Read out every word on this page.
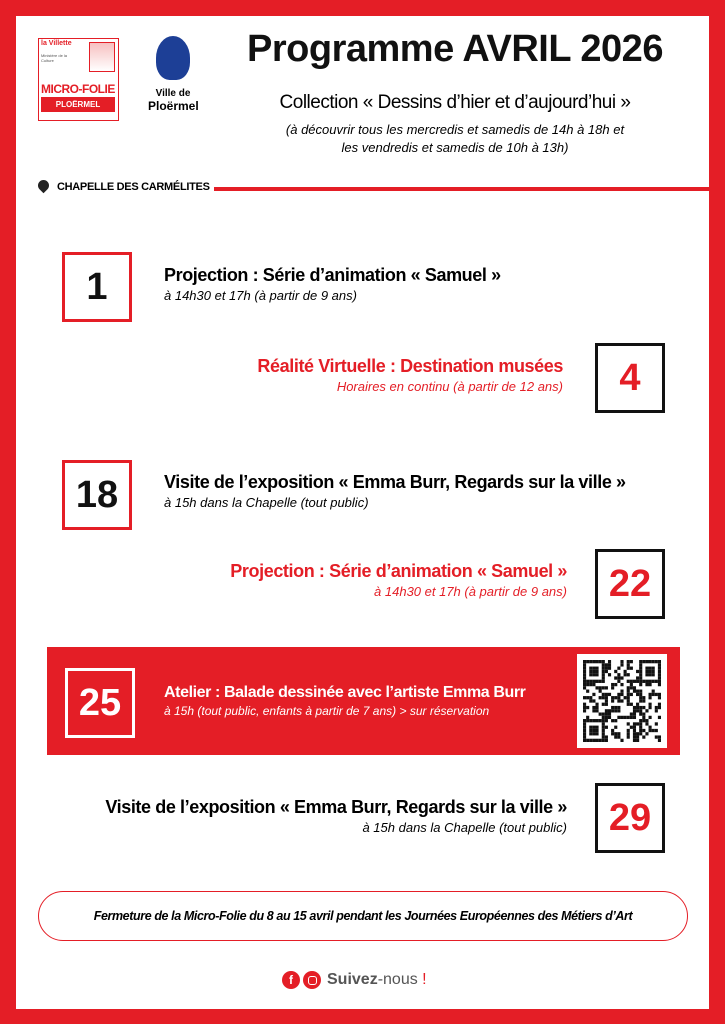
la Villette
Ministère de la Culture
MICRO-FOLIE
PLOËRMEL
Ville de
Ploërmel
Programme AVRIL 2026
Collection « Dessins d’hier et d’aujourd’hui »
(à découvrir tous les mercredis et samedis de 14h à 18h et
les vendredis et samedis de 10h à 13h)
CHAPELLE DES CARMÉLITES
1	Projection : Série d’animation « Samuel »
à 14h30 et 17h (à partir de 9 ans)
Réalité Virtuelle : Destination musées
Horaires en continu (à partir de 12 ans)	4
18	Visite de l’exposition « Emma Burr, Regards sur la ville »
à 15h dans la Chapelle (tout public)
Projection : Série d’animation « Samuel »
à 14h30 et 17h (à partir de 9 ans)	22
25	Atelier : Balade dessinée avec l’artiste Emma Burr
à 15h (tout public, enfants à partir de 7 ans) > sur réservation
Visite de l’exposition « Emma Burr, Regards sur la ville »
à 15h dans la Chapelle (tout public)	29
Fermeture de la Micro-Folie du 8 au 15 avril pendant les Journées Européennes des Métiers d’Art
f	Suivez-nous !
